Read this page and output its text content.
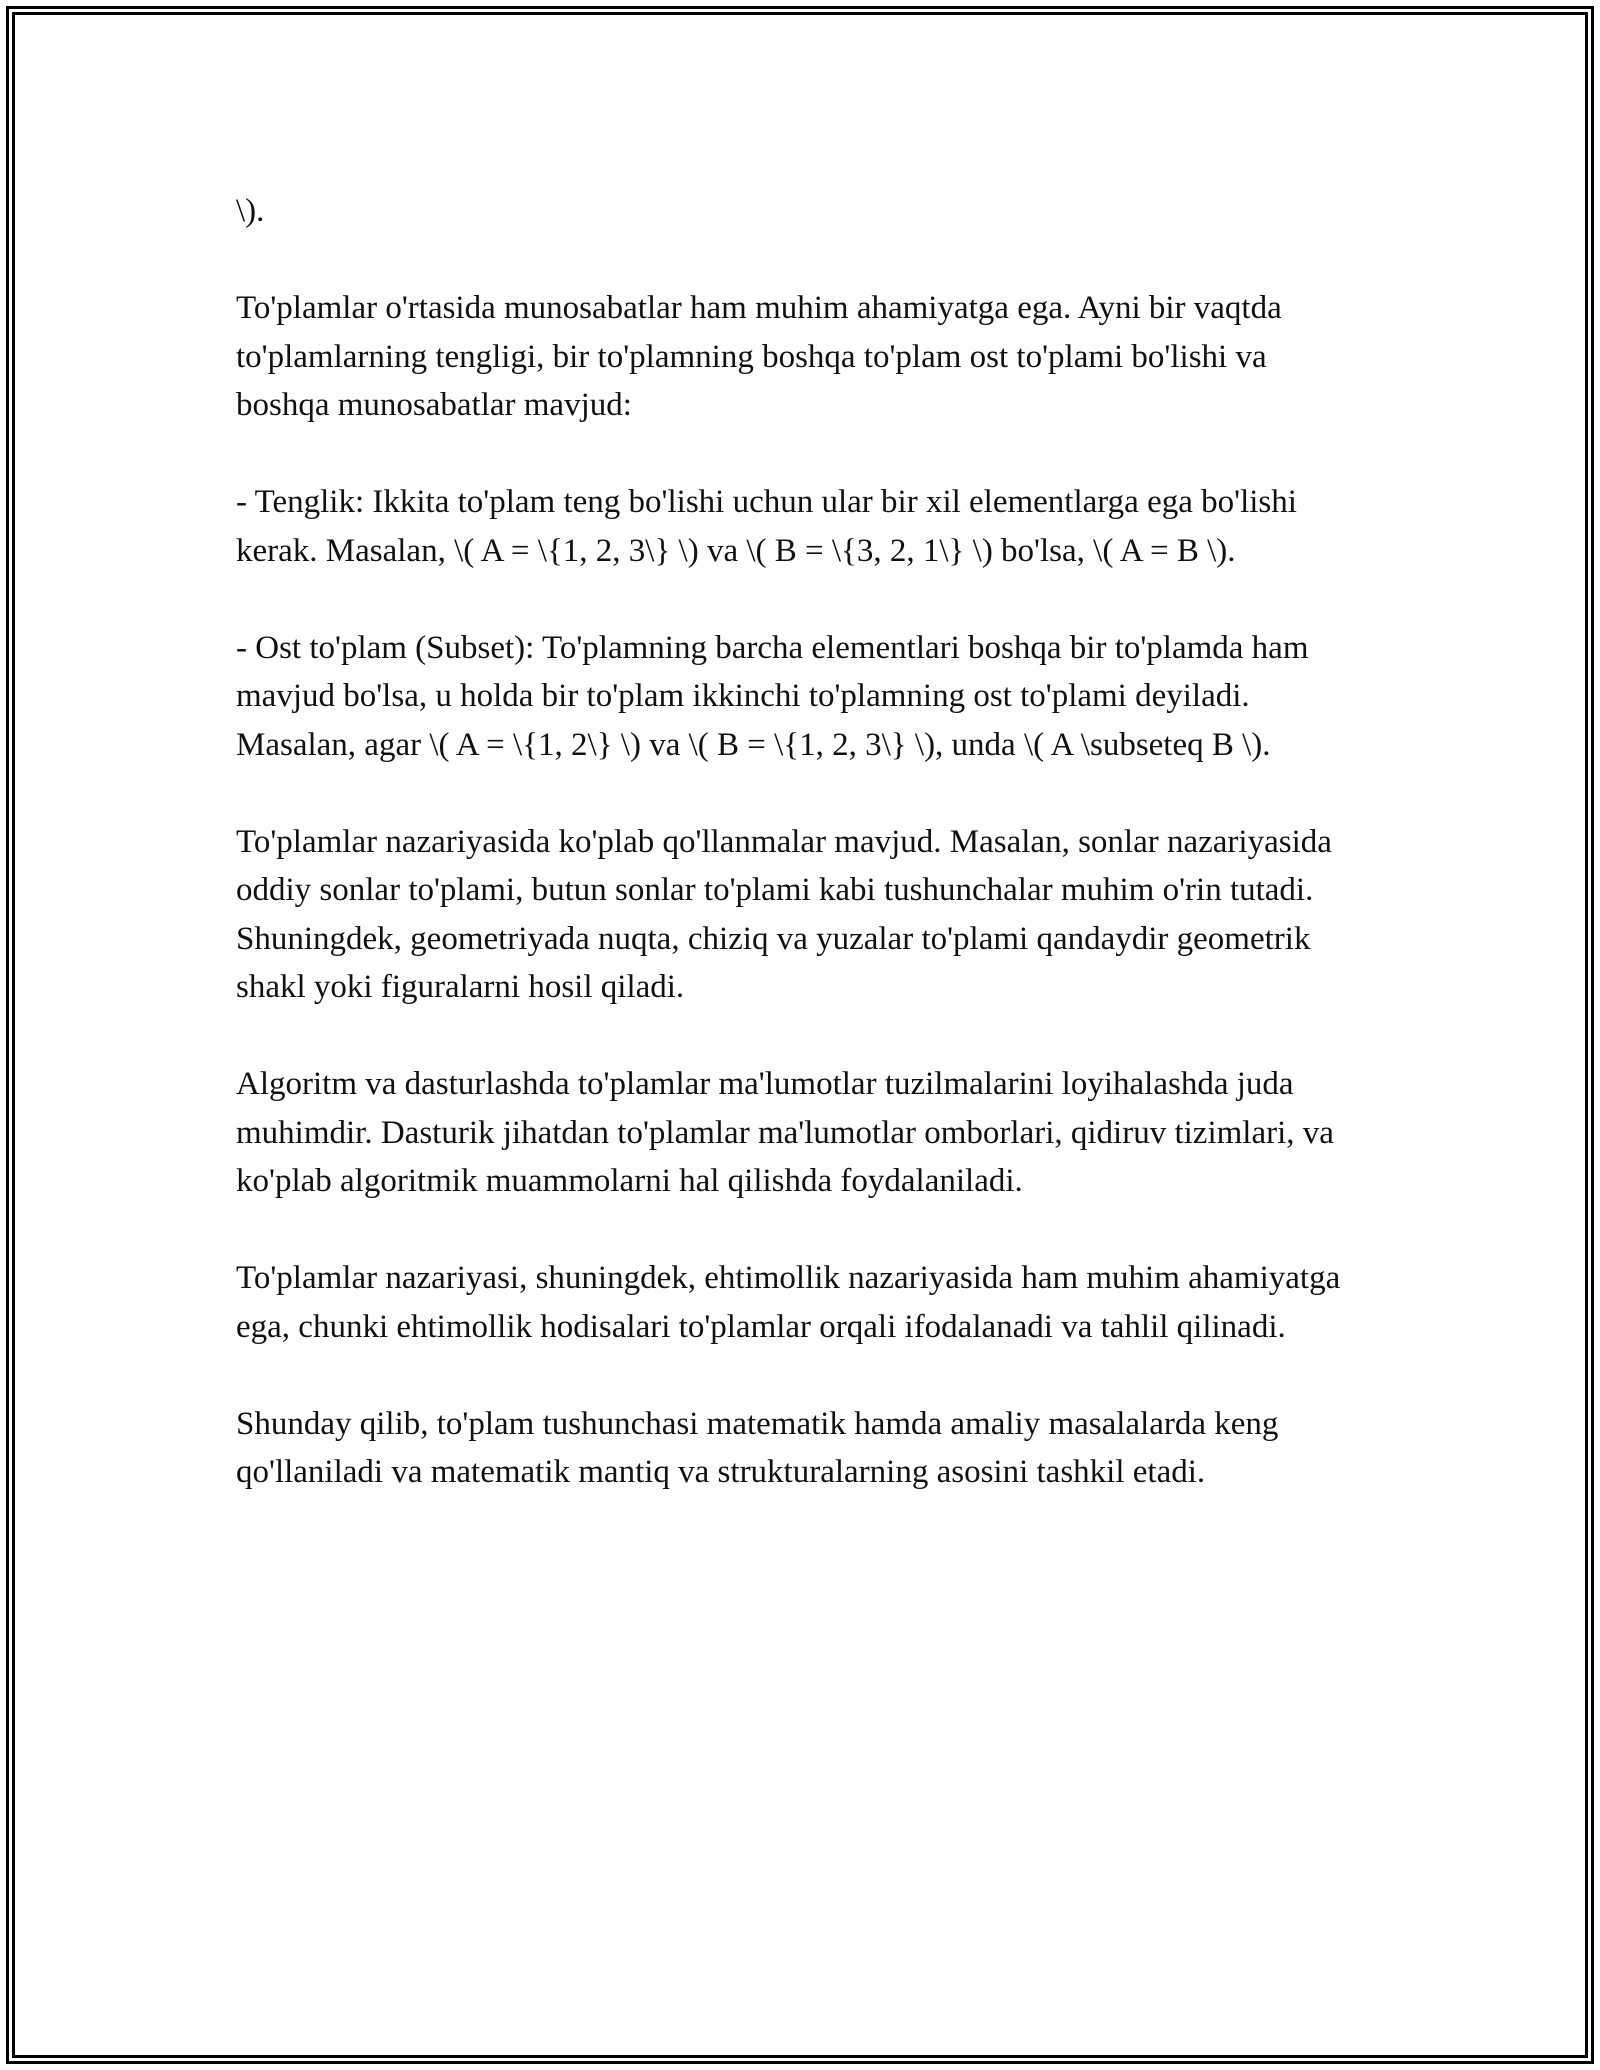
\).

To'plamlar o'rtasida munosabatlar ham muhim ahamiyatga ega. Ayni bir vaqtda to'plamlarning tengligi, bir to'plamning boshqa to'plam ost to'plami bo'lishi va boshqa munosabatlar mavjud:

- Tenglik: Ikkita to'plam teng bo'lishi uchun ular bir xil elementlarga ega bo'lishi kerak. Masalan, \( A = \{1, 2, 3\} \) va \( B = \{3, 2, 1\} \) bo'lsa, \( A = B \).

- Ost to'plam (Subset): To'plamning barcha elementlari boshqa bir to'plamda ham mavjud bo'lsa, u holda bir to'plam ikkinchi to'plamning ost to'plami deyiladi. Masalan, agar \( A = \{1, 2\} \) va \( B = \{1, 2, 3\} \), unda \( A \subseteq B \).

To'plamlar nazariyasida ko'plab qo'llanmalar mavjud. Masalan, sonlar nazariyasida oddiy sonlar to'plami, butun sonlar to'plami kabi tushunchalar muhim o'rin tutadi. Shuningdek, geometriyada nuqta, chiziq va yuzalar to'plami qandaydir geometrik shakl yoki figuralarni hosil qiladi.

Algoritm va dasturlashda to'plamlar ma'lumotlar tuzilmalarini loyihalashda juda muhimdir. Dasturik jihatdan to'plamlar ma'lumotlar omborlari, qidiruv tizimlari, va ko'plab algoritmik muammolarni hal qilishda foydalaniladi.

To'plamlar nazariyasi, shuningdek, ehtimollik nazariyasida ham muhim ahamiyatga ega, chunki ehtimollik hodisalari to'plamlar orqali ifodalanadi va tahlil qilinadi.

Shunday qilib, to'plam tushunchasi matematik hamda amaliy masalalarda keng qo'llaniladi va matematik mantiq va strukturalarning asosini tashkil etadi.
